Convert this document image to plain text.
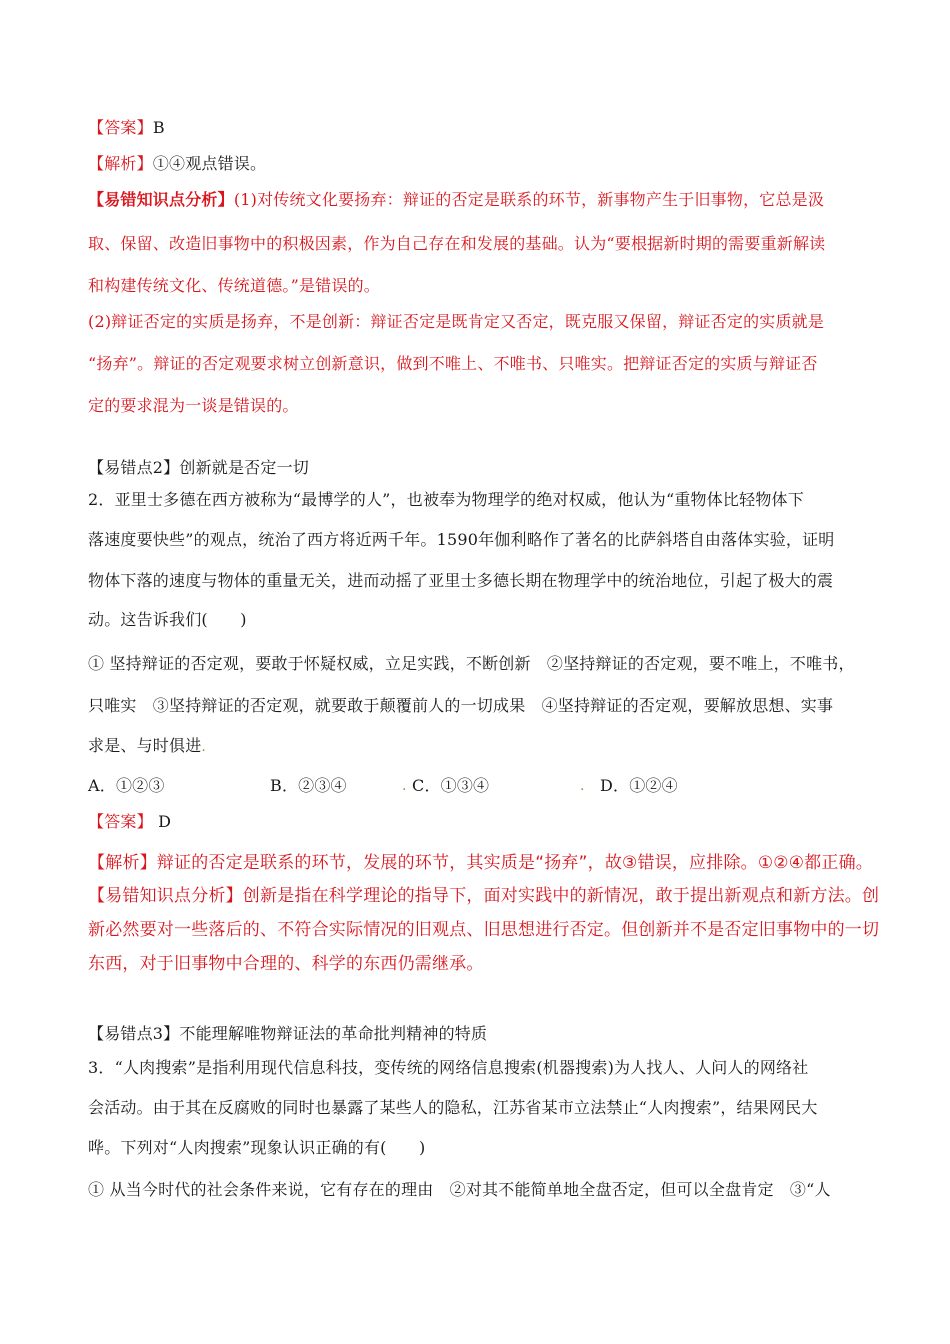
【答案】B
【解析】①④观点错误。
【易错知识点分析】(1)对传统文化要扬弃：辩证的否定是联系的环节，新事物产生于旧事物，它总是汲
取、保留、改造旧事物中的积极因素，作为自己存在和发展的基础。认为“要根据新时期的需要重新解读
和构建传统文化、传统道德。”是错误的。
(2)辩证否定的实质是扬弃，不是创新：辩证否定是既肯定又否定，既克服又保留，辩证否定的实质就是
“扬弃”。辩证的否定观要求树立创新意识，做到不唯上、不唯书、只唯实。把辩证否定的实质与辩证否
定的要求混为一谈是错误的。
【易错点2】创新就是否定一切
2．亚里士多德在西方被称为“最博学的人”，也被奉为物理学的绝对权威，他认为“重物体比轻物体下
落速度要快些”的观点，统治了西方将近两千年。1590年伽利略作了著名的比萨斜塔自由落体实验，证明
物体下落的速度与物体的重量无关，进而动摇了亚里士多德长期在物理学中的统治地位，引起了极大的震
动。这告诉我们(　　)
① 坚持辩证的否定观，要敢于怀疑权威，立足实践，不断创新　②坚持辩证的否定观，要不唯上，不唯书，
只唯实　③坚持辩证的否定观，就要敢于颠覆前人的一切成果　④坚持辩证的否定观，要解放思想、实事
求是、与时俱进.
A．①②③	B．②③④	. C．①③④	. D．①②④
【答案】 D
【解析】辩证的否定是联系的环节，发展的环节，其实质是“扬弃”，故③错误，应排除。①②④都正确。
【易错知识点分析】创新是指在科学理论的指导下，面对实践中的新情况，敢于提出新观点和新方法。创
新必然要对一些落后的、不符合实际情况的旧观点、旧思想进行否定。但创新并不是否定旧事物中的一切
东西，对于旧事物中合理的、科学的东西仍需继承。
【易错点3】不能理解唯物辩证法的革命批判精神的特质
3．“人肉搜索”是指利用现代信息科技，变传统的网络信息搜索(机器搜索)为人找人、人问人的网络社
会活动。由于其在反腐败的同时也暴露了某些人的隐私，江苏省某市立法禁止“人肉搜索”，结果网民大
哗。下列对“人肉搜索”现象认识正确的有(　　)
① 从当今时代的社会条件来说，它有存在的理由　②对其不能简单地全盘否定，但可以全盘肯定　③“人
